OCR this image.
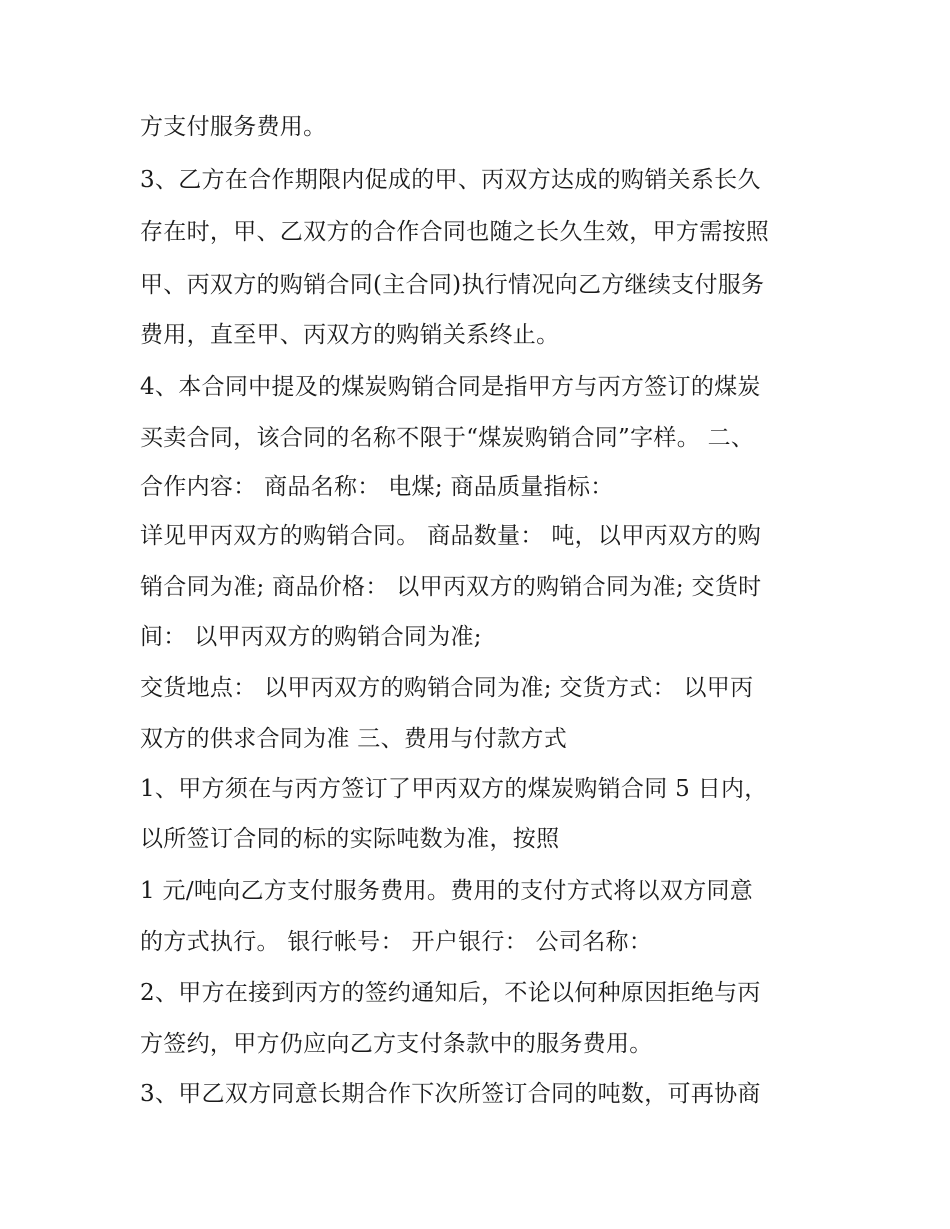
方支付服务费用。
3、乙方在合作期限内促成的甲、丙双方达成的购销关系长久
存在时，甲、乙双方的合作合同也随之长久生效，甲方需按照
甲、丙双方的购销合同(主合同)执行情况向乙方继续支付服务
费用，直至甲、丙双方的购销关系终止。
4、本合同中提及的煤炭购销合同是指甲方与丙方签订的煤炭
买卖合同，该合同的名称不限于“煤炭购销合同”字样。 二、
合作内容： 商品名称： 电煤; 商品质量指标：
详见甲丙双方的购销合同。 商品数量： 吨，以甲丙双方的购
销合同为准; 商品价格： 以甲丙双方的购销合同为准; 交货时
间： 以甲丙双方的购销合同为准;
交货地点： 以甲丙双方的购销合同为准; 交货方式： 以甲丙
双方的供求合同为准 三、费用与付款方式
1、甲方须在与丙方签订了甲丙双方的煤炭购销合同 5 日内，
以所签订合同的标的实际吨数为准，按照
1 元/吨向乙方支付服务费用。费用的支付方式将以双方同意
的方式执行。 银行帐号： 开户银行： 公司名称：
2、甲方在接到丙方的签约通知后，不论以何种原因拒绝与丙
方签约，甲方仍应向乙方支付条款中的服务费用。
3、甲乙双方同意长期合作下次所签订合同的吨数，可再协商
